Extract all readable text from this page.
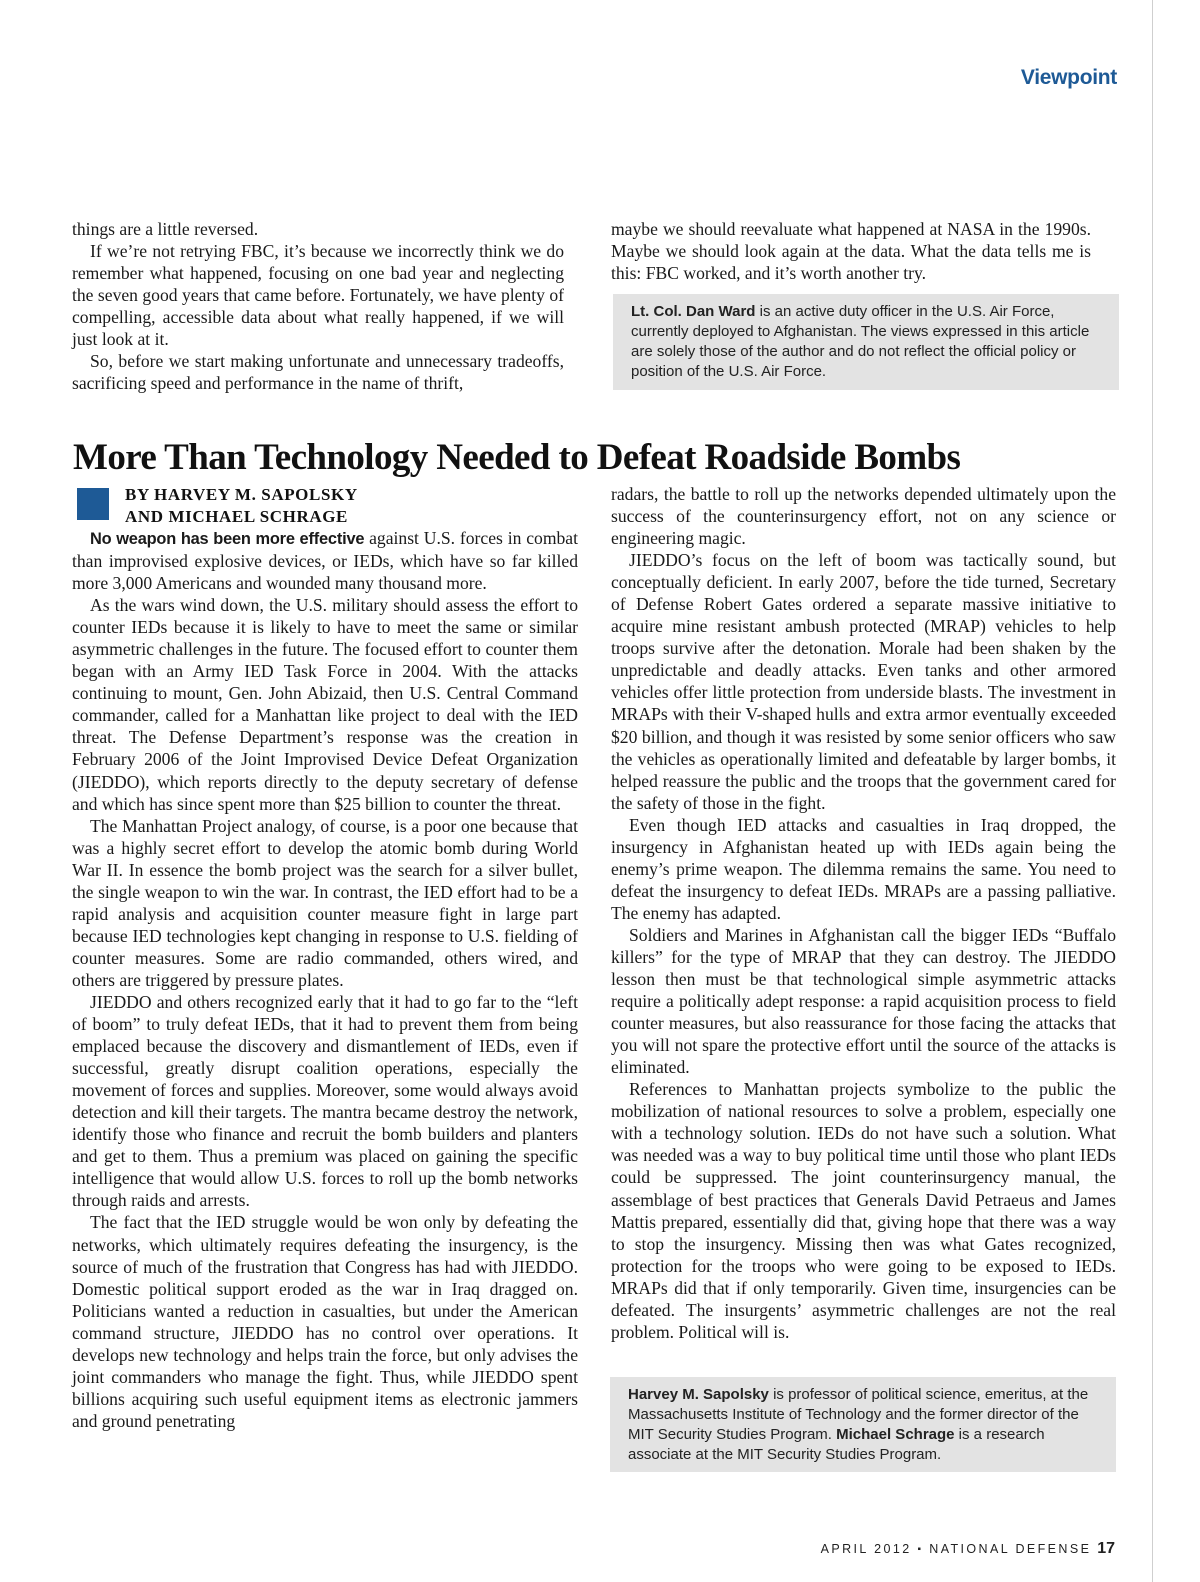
Viewpoint

things are a little reversed.

If we’re not retrying FBC, it’s because we incorrectly think we do remember what happened, focusing on one bad year and neglecting the seven good years that came before. Fortunately, we have plenty of compelling, accessible data about what really happened, if we will just look at it.

So, before we start making unfortunate and unnecessary tradeoffs, sacrificing speed and performance in the name of thrift,

maybe we should reevaluate what happened at NASA in the 1990s. Maybe we should look again at the data. What the data tells me is this: FBC worked, and it’s worth another try.

Lt. Col. Dan Ward is an active duty officer in the U.S. Air Force, currently deployed to Afghanistan. The views expressed in this article are solely those of the author and do not reflect the official policy or position of the U.S. Air Force.

More Than Technology Needed to Defeat Roadside Bombs
BY HARVEY M. SAPOLSKY
AND MICHAEL SCHRAGE

No weapon has been more effective against U.S. forces in combat than improvised explosive devices, or IEDs, which have so far killed more 3,000 Americans and wounded many thousand more.

As the wars wind down, the U.S. military should assess the effort to counter IEDs because it is likely to have to meet the same or similar asymmetric challenges in the future. The focused effort to counter them began with an Army IED Task Force in 2004. With the attacks continuing to mount, Gen. John Abizaid, then U.S. Central Command commander, called for a Manhattan like project to deal with the IED threat. The Defense Department’s response was the creation in February 2006 of the Joint Improvised Device Defeat Organization (JIEDDO), which reports directly to the deputy secretary of defense and which has since spent more than $25 billion to counter the threat.

The Manhattan Project analogy, of course, is a poor one because that was a highly secret effort to develop the atomic bomb during World War II. In essence the bomb project was the search for a silver bullet, the single weapon to win the war. In contrast, the IED effort had to be a rapid analysis and acquisition counter measure fight in large part because IED technologies kept changing in response to U.S. fielding of counter measures. Some are radio commanded, others wired, and others are triggered by pressure plates.

JIEDDO and others recognized early that it had to go far to the “left of boom” to truly defeat IEDs, that it had to prevent them from being emplaced because the discovery and dismantlement of IEDs, even if successful, greatly disrupt coalition operations, especially the movement of forces and supplies. Moreover, some would always avoid detection and kill their targets. The mantra became destroy the network, identify those who finance and recruit the bomb builders and planters and get to them. Thus a premium was placed on gaining the specific intelligence that would allow U.S. forces to roll up the bomb networks through raids and arrests.

The fact that the IED struggle would be won only by defeating the networks, which ultimately requires defeating the insurgency, is the source of much of the frustration that Congress has had with JIEDDO. Domestic political support eroded as the war in Iraq dragged on. Politicians wanted a reduction in casualties, but under the American command structure, JIEDDO has no control over operations. It develops new technology and helps train the force, but only advises the joint commanders who manage the fight. Thus, while JIEDDO spent billions acquiring such useful equipment items as electronic jammers and ground penetrating

radars, the battle to roll up the networks depended ultimately upon the success of the counterinsurgency effort, not on any science or engineering magic.

JIEDDO’s focus on the left of boom was tactically sound, but conceptually deficient. In early 2007, before the tide turned, Secretary of Defense Robert Gates ordered a separate massive initiative to acquire mine resistant ambush protected (MRAP) vehicles to help troops survive after the detonation. Morale had been shaken by the unpredictable and deadly attacks. Even tanks and other armored vehicles offer little protection from underside blasts. The investment in MRAPs with their V-shaped hulls and extra armor eventually exceeded $20 billion, and though it was resisted by some senior officers who saw the vehicles as operationally limited and defeatable by larger bombs, it helped reassure the public and the troops that the government cared for the safety of those in the fight.

Even though IED attacks and casualties in Iraq dropped, the insurgency in Afghanistan heated up with IEDs again being the enemy’s prime weapon. The dilemma remains the same. You need to defeat the insurgency to defeat IEDs. MRAPs are a passing palliative. The enemy has adapted.

Soldiers and Marines in Afghanistan call the bigger IEDs “Buffalo killers” for the type of MRAP that they can destroy. The JIEDDO lesson then must be that technological simple asymmetric attacks require a politically adept response: a rapid acquisition process to field counter measures, but also reassurance for those facing the attacks that you will not spare the protective effort until the source of the attacks is eliminated.

References to Manhattan projects symbolize to the public the mobilization of national resources to solve a problem, especially one with a technology solution. IEDs do not have such a solution. What was needed was a way to buy political time until those who plant IEDs could be suppressed. The joint counterinsurgency manual, the assemblage of best practices that Generals David Petraeus and James Mattis prepared, essentially did that, giving hope that there was a way to stop the insurgency. Missing then was what Gates recognized, protection for the troops who were going to be exposed to IEDs. MRAPs did that if only temporarily. Given time, insurgencies can be defeated. The insurgents’ asymmetric challenges are not the real problem. Political will is.

Harvey M. Sapolsky is professor of political science, emeritus, at the Massachusetts Institute of Technology and the former director of the MIT Security Studies Program. Michael Schrage is a research associate at the MIT Security Studies Program.

APRIL 2012 ▪ NATIONAL DEFENSE 17
